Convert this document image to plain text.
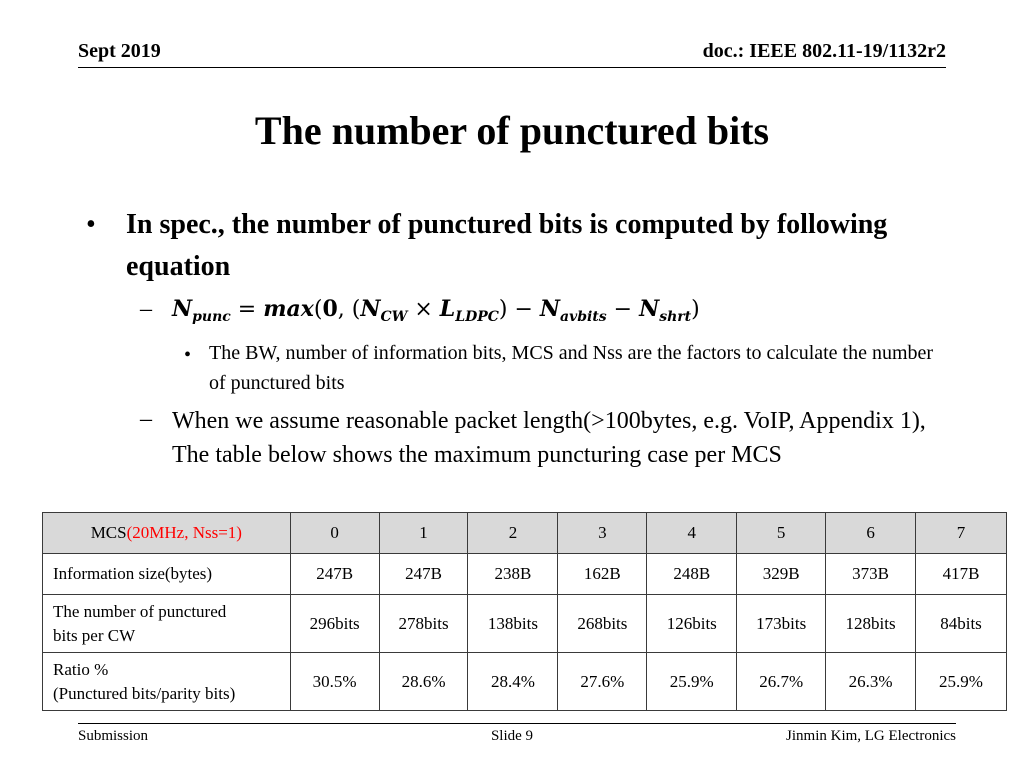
Sept 2019	doc.: IEEE 802.11-19/1132r2
The number of punctured bits
• In spec., the number of punctured bits is computed by following equation
– $N_{punc} = \max(0$, $(N_{CW} \times L_{LDPC}) - N_{avbits} - N_{shrt}$)
• The BW, number of information bits, MCS and Nss are the factors to calculate the number of punctured bits
– When we assume reasonable packet length(>100bytes, e.g. VoIP, Appendix 1), The table below shows the maximum puncturing case per MCS
MCS(20MHz, Nss=1)	0	1	2	3	4	5	6	7
Information size(bytes)	247B	247B	238B	162B	248B	329B	373B	417B

The number of punctured
bits per CW	296bits	278bits	138bits	268bits	126bits	173bits	128bits	84bits

Ratio %
(Punctured bits/parity bits)	30.5%	28.6%	28.4%	27.6%	25.9%	26.7%	26.3%	25.9%
Submission	Slide 9	Jinmin Kim, LG Electronics
